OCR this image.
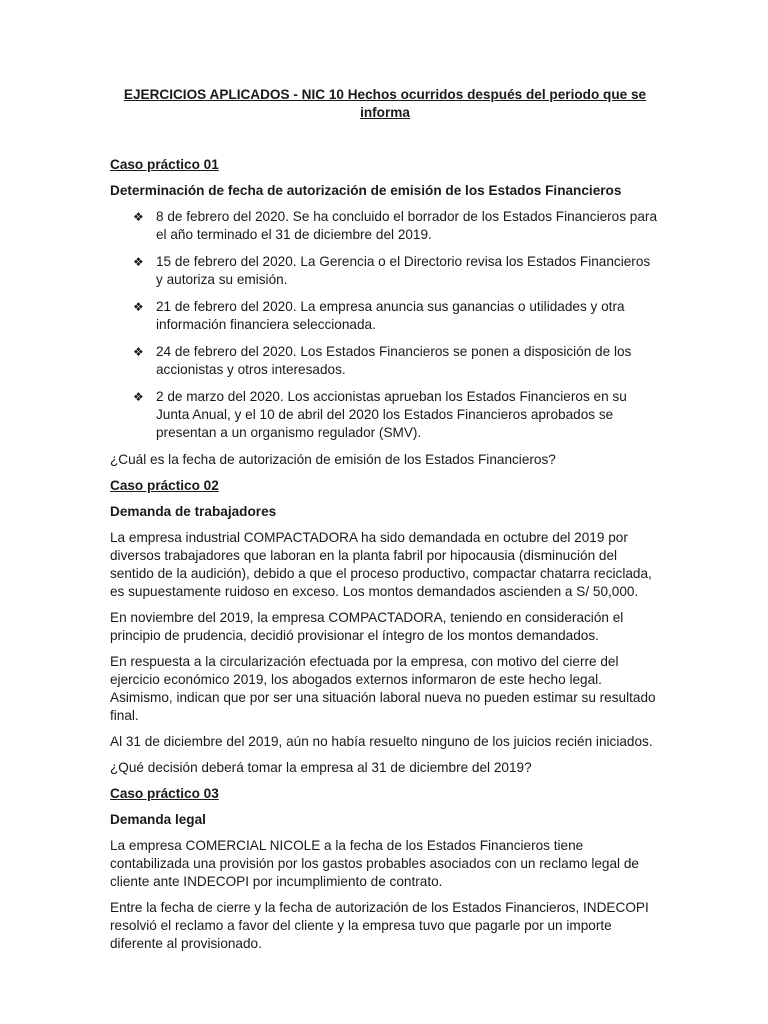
EJERCICIOS APLICADOS - NIC 10 Hechos ocurridos después del periodo que se informa
Caso práctico 01
Determinación de fecha de autorización de emisión de los Estados Financieros
❖ 8 de febrero del 2020. Se ha concluido el borrador de los Estados Financieros para el año terminado el 31 de diciembre del 2019.
❖ 15 de febrero del 2020. La Gerencia o el Directorio revisa los Estados Financieros y autoriza su emisión.
❖ 21 de febrero del 2020. La empresa anuncia sus ganancias o utilidades y otra información financiera seleccionada.
❖ 24 de febrero del 2020. Los Estados Financieros se ponen a disposición de los accionistas y otros interesados.
❖ 2 de marzo del 2020. Los accionistas aprueban los Estados Financieros en su Junta Anual, y el 10 de abril del 2020 los Estados Financieros aprobados se presentan a un organismo regulador (SMV).
¿Cuál es la fecha de autorización de emisión de los Estados Financieros?
Caso práctico 02
Demanda de trabajadores
La empresa industrial COMPACTADORA ha sido demandada en octubre del 2019 por diversos trabajadores que laboran en la planta fabril por hipocausia (disminución del sentido de la audición), debido a que el proceso productivo, compactar chatarra reciclada, es supuestamente ruidoso en exceso. Los montos demandados ascienden a S/ 50,000.
En noviembre del 2019, la empresa COMPACTADORA, teniendo en consideración el principio de prudencia, decidió provisionar el íntegro de los montos demandados.
En respuesta a la circularización efectuada por la empresa, con motivo del cierre del ejercicio económico 2019, los abogados externos informaron de este hecho legal. Asimismo, indican que por ser una situación laboral nueva no pueden estimar su resultado final.
Al 31 de diciembre del 2019, aún no había resuelto ninguno de los juicios recién iniciados.
¿Qué decisión deberá tomar la empresa al 31 de diciembre del 2019?
Caso práctico 03
Demanda legal
La empresa COMERCIAL NICOLE a la fecha de los Estados Financieros tiene contabilizada una provisión por los gastos probables asociados con un reclamo legal de cliente ante INDECOPI por incumplimiento de contrato.
Entre la fecha de cierre y la fecha de autorización de los Estados Financieros, INDECOPI resolvió el reclamo a favor del cliente y la empresa tuvo que pagarle por un importe diferente al provisionado.
